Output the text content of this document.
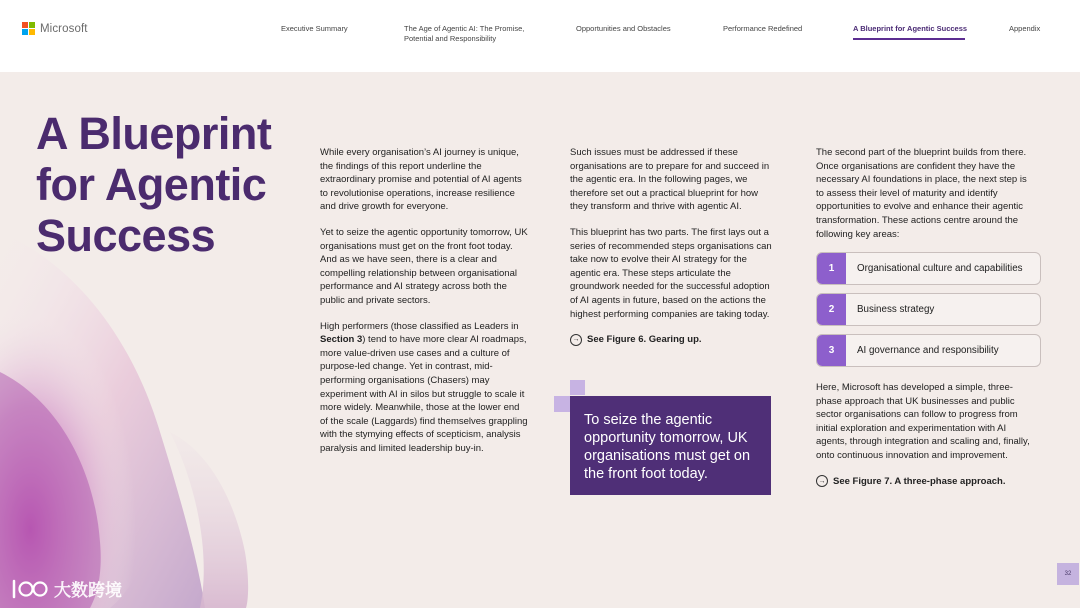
Microsoft	Executive Summary	The Age of Agentic AI: The Promise, Potential and Responsibility
Opportunities and Obstacles	Performance Redefined	A Blueprint for Agentic Success	Appendix
A Blueprint
for Agentic
Success

While every organisation’s AI journey is unique, the findings of this report underline the extraordinary promise and potential of AI agents to revolutionise operations, increase resilience and drive growth for everyone.

Yet to seize the agentic opportunity tomorrow, UK organisations must get on the front foot today. And as we have seen, there is a clear and compelling relationship between organisational performance and AI strategy across both the public and private sectors.

High performers (those classified as Leaders in Section 3) tend to have more clear AI roadmaps, more value-driven use cases and a culture of purpose-led change. Yet in contrast, mid-performing organisations (Chasers) may experiment with AI in silos but struggle to scale it more widely. Meanwhile, those at the lower end of the scale (Laggards) find themselves grappling with the stymying effects of scepticism, analysis paralysis and limited leadership buy-in.

Such issues must be addressed if these organisations are to prepare for and succeed in the agentic era. In the following pages, we therefore set out a practical blueprint for how they transform and thrive with agentic AI.

This blueprint has two parts. The first lays out a series of recommended steps organisations can take now to evolve their AI strategy for the agentic era. These steps articulate the groundwork needed for the successful adoption of AI agents in future, based on the actions the highest performing companies are taking today.

→ See Figure 6. Gearing up.
To seize the agentic opportunity tomorrow, UK organisations must get on the front foot today.

The second part of the blueprint builds from there. Once organisations are confident they have the necessary AI foundations in place, the next step is to assess their level of maturity and identify opportunities to evolve and enhance their agentic transformation. These actions centre around the following key areas:

1	Organisational culture and capabilities
2	Business strategy
3	AI governance and responsibility

Here, Microsoft has developed a simple, three-phase approach that UK businesses and public sector organisations can follow to progress from initial exploration and experimentation with AI agents, through integration and scaling and, finally, onto continuous innovation and improvement.

→ See Figure 7. A three-phase approach.
32
大数跨境
